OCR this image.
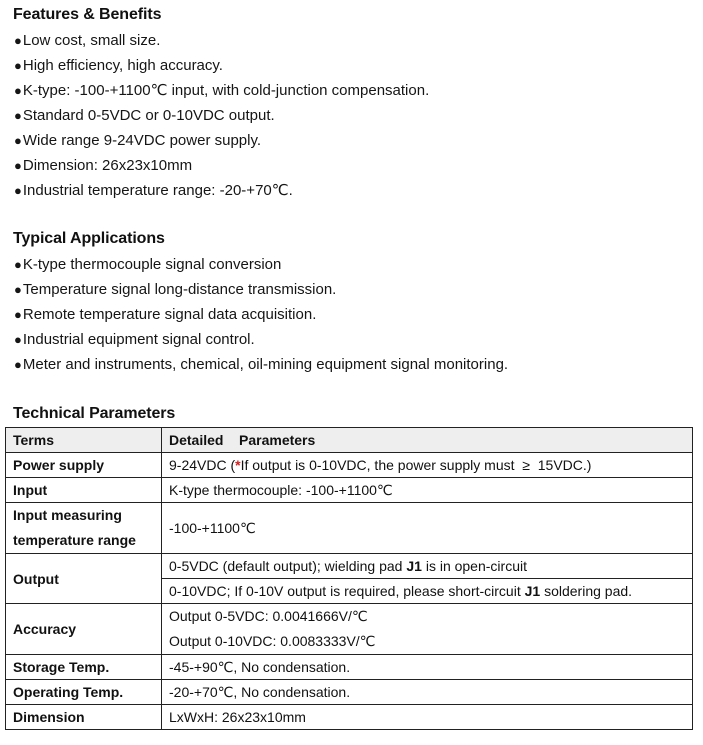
Features & Benefits
●Low cost, small size.
●High efficiency, high accuracy.
●K-type: -100-+1100℃ input, with cold-junction compensation.
●Standard 0-5VDC or 0-10VDC output.
●Wide range 9-24VDC power supply.
●Dimension: 26x23x10mm
●Industrial temperature range: -20-+70℃.
Typical Applications
●K-type thermocouple signal conversion
●Temperature signal long-distance transmission.
●Remote temperature signal data acquisition.
●Industrial equipment signal control.
●Meter and instruments, chemical, oil-mining equipment signal monitoring.
Technical Parameters
Terms	Detailed    Parameters
Power supply	9-24VDC (*If output is 0-10VDC, the power supply must  ≥  15VDC.)
Input	K-type thermocouple: -100-+1100℃

Input measuring
temperature range	-100-+1100℃
Output	0-5VDC (default output); wielding pad J1 is in open-circuit
	0-10VDC; If 0-10V output is required, please short-circuit J1 soldering pad.
Accuracy	Output 0-5VDC: 0.0041666V/℃
Output 0-10VDC: 0.0083333V/℃

Storage Temp.	-45-+90℃, No condensation.
Operating Temp.	-20-+70℃, No condensation.
Dimension	LxWxH: 26x23x10mm
